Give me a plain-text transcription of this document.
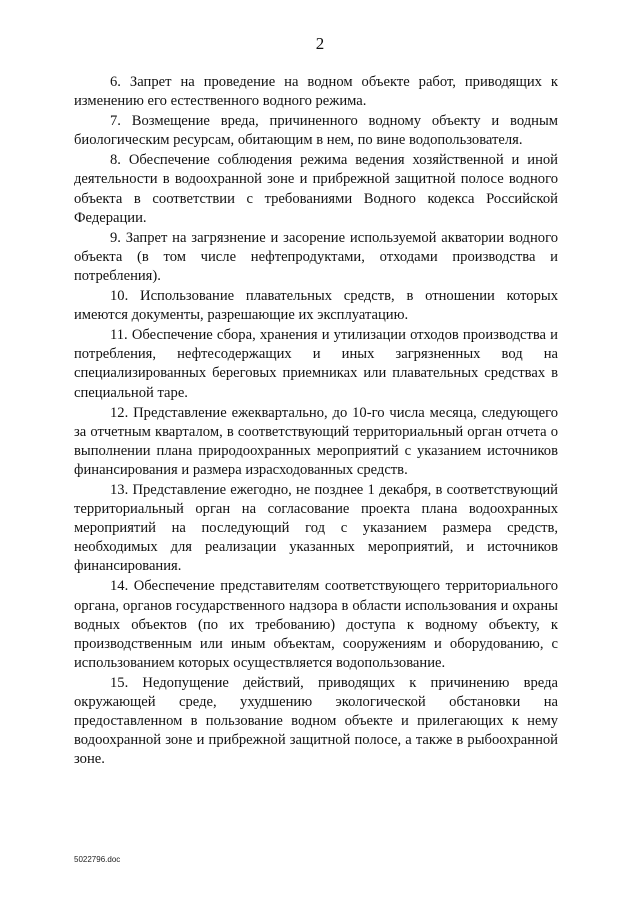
2

6. Запрет на проведение на водном объекте работ, приводящих к изменению его естественного водного режима.

7. Возмещение вреда, причиненного водному объекту и водным биологическим ресурсам, обитающим в нем, по вине водопользователя.

8. Обеспечение соблюдения режима ведения хозяйственной и иной деятельности в водоохранной зоне и прибрежной защитной полосе водного объекта в соответствии с требованиями Водного кодекса Российской Федерации.

9. Запрет на загрязнение и засорение используемой акватории водного объекта (в том числе нефтепродуктами, отходами производства и потребления).

10. Использование плавательных средств, в отношении которых имеются документы, разрешающие их эксплуатацию.

11. Обеспечение сбора, хранения и утилизации отходов производства и потребления, нефтесодержащих и иных загрязненных вод на специализированных береговых приемниках или плавательных средствах в специальной таре.

12. Представление ежеквартально, до 10-го числа месяца, следующего за отчетным кварталом, в соответствующий территориальный орган отчета о выполнении плана природоохранных мероприятий с указанием источников финансирования и размера израсходованных средств.

13. Представление ежегодно, не позднее 1 декабря, в соответствующий территориальный орган на согласование проекта плана водоохранных мероприятий на последующий год с указанием размера средств, необходимых для реализации указанных мероприятий, и источников финансирования.

14. Обеспечение представителям соответствующего территориального органа, органов государственного надзора в области использования и охраны водных объектов (по их требованию) доступа к водному объекту, к производственным или иным объектам, сооружениям и оборудованию, с использованием которых осуществляется водопользование.

15. Недопущение действий, приводящих к причинению вреда окружающей среде, ухудшению экологической обстановки на предоставленном в пользование водном объекте и прилегающих к нему водоохранной зоне и прибрежной защитной полосе, а также в рыбоохранной зоне.

5022796.doc
